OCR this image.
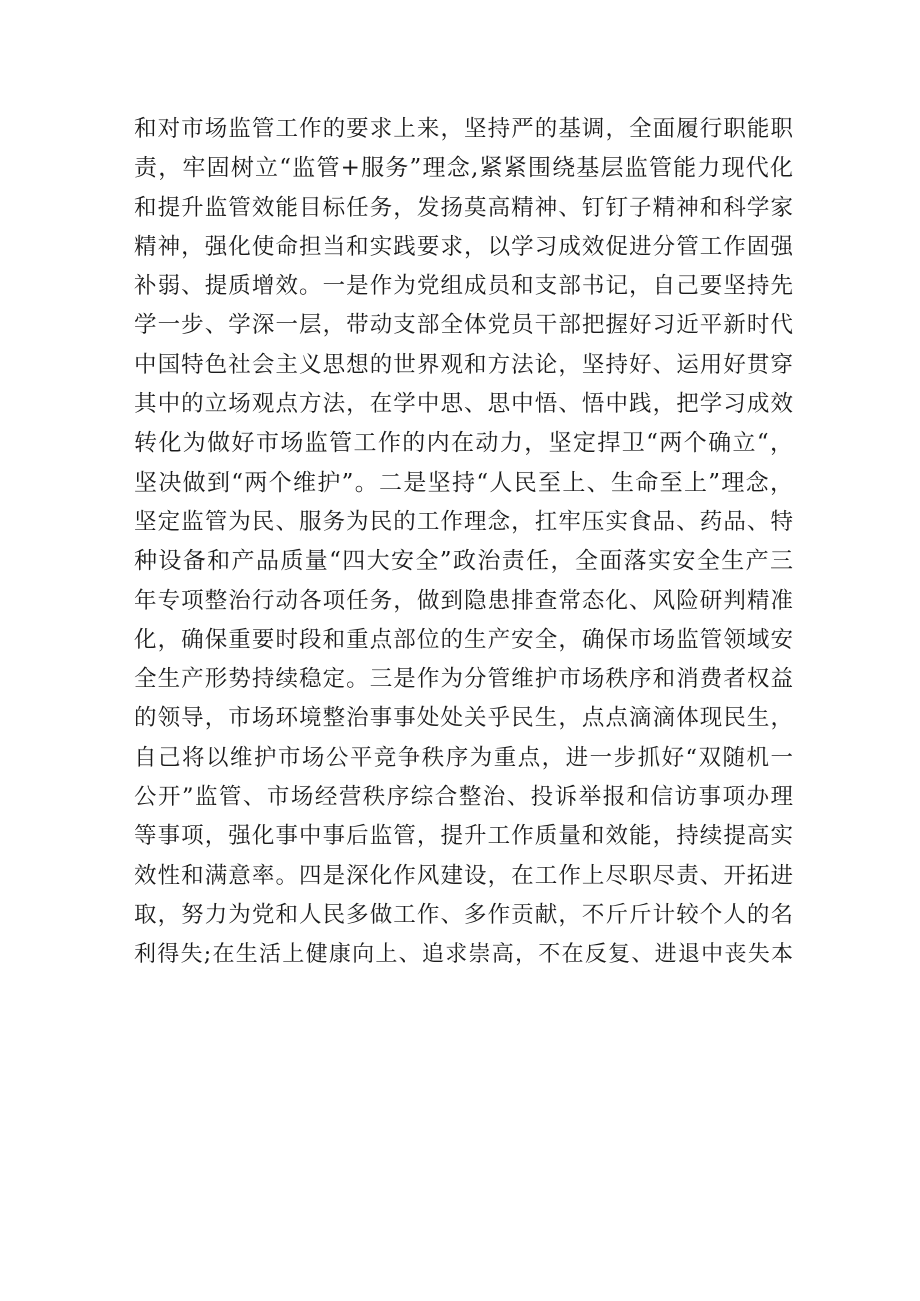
和对市场监管工作的要求上来，坚持严的基调，全面履行职能职
责，牢固树立“监管+服务”理念,紧紧围绕基层监管能力现代化
和提升监管效能目标任务，发扬莫高精神、钉钉子精神和科学家
精神，强化使命担当和实践要求，以学习成效促进分管工作固强
补弱、提质增效。一是作为党组成员和支部书记，自己要坚持先
学一步、学深一层，带动支部全体党员干部把握好习近平新时代
中国特色社会主义思想的世界观和方法论，坚持好、运用好贯穿
其中的立场观点方法，在学中思、思中悟、悟中践，把学习成效
转化为做好市场监管工作的内在动力，坚定捍卫“两个确立“，
坚决做到“两个维护”。二是坚持“人民至上、生命至上”理念，
坚定监管为民、服务为民的工作理念，扛牢压实食品、药品、特
种设备和产品质量“四大安全”政治责任，全面落实安全生产三
年专项整治行动各项任务，做到隐患排查常态化、风险研判精准
化，确保重要时段和重点部位的生产安全，确保市场监管领域安
全生产形势持续稳定。三是作为分管维护市场秩序和消费者权益
的领导，市场环境整治事事处处关乎民生，点点滴滴体现民生，
自己将以维护市场公平竞争秩序为重点，进一步抓好“双随机一
公开”监管、市场经营秩序综合整治、投诉举报和信访事项办理
等事项，强化事中事后监管，提升工作质量和效能，持续提高实
效性和满意率。四是深化作风建设，在工作上尽职尽责、开拓进
取，努力为党和人民多做工作、多作贡献，不斤斤计较个人的名
利得失;在生活上健康向上、追求崇高，不在反复、进退中丧失本
